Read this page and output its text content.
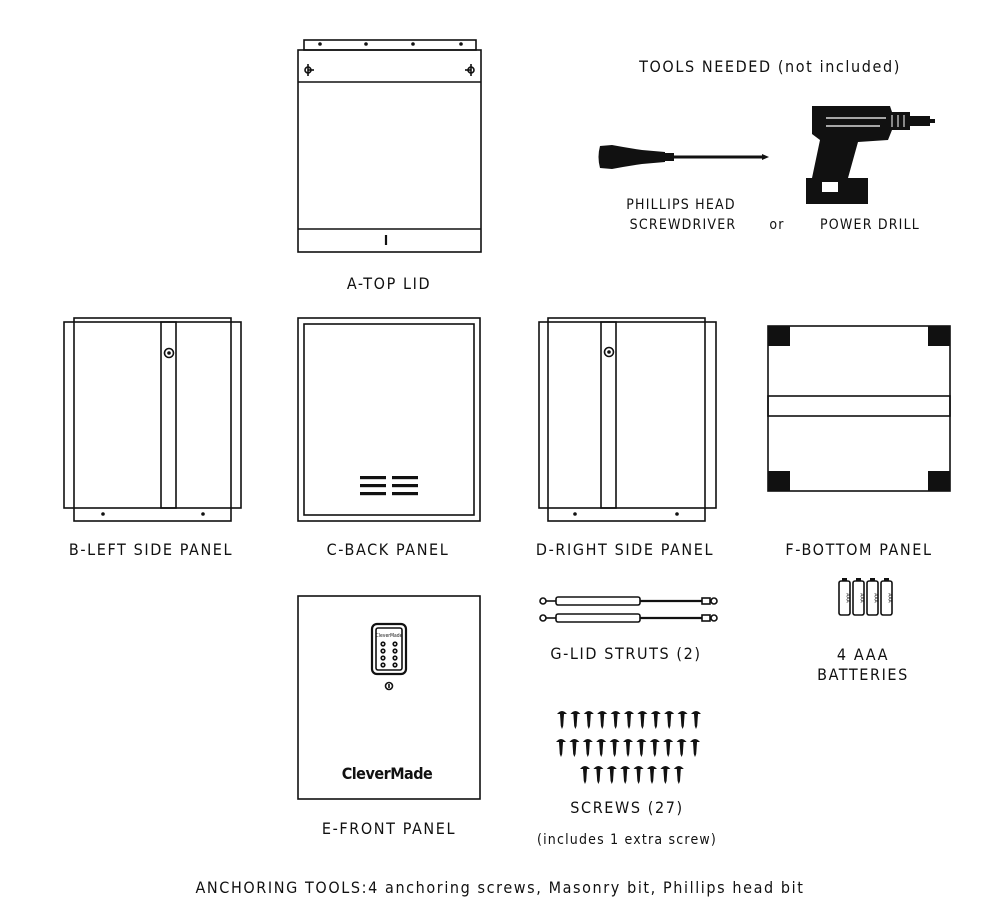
A-TOP LID
TOOLS NEEDED (not included)
PHILLIPS HEAD
SCREWDRIVER or	POWER DRILL
B-LEFT SIDE PANEL	C-BACK PANEL	D-RIGHT SIDE PANEL	F-BOTTOM PANEL
CleverMade
CleverMade
E-FRONT PANEL
G-LID STRUTS (2)
AAA AAA AAA AAA
4 AAA
BATTERIES
SCREWS (27)
(includes 1 extra screw)
ANCHORING TOOLS:4 anchoring screws, Masonry bit, Phillips head bit
